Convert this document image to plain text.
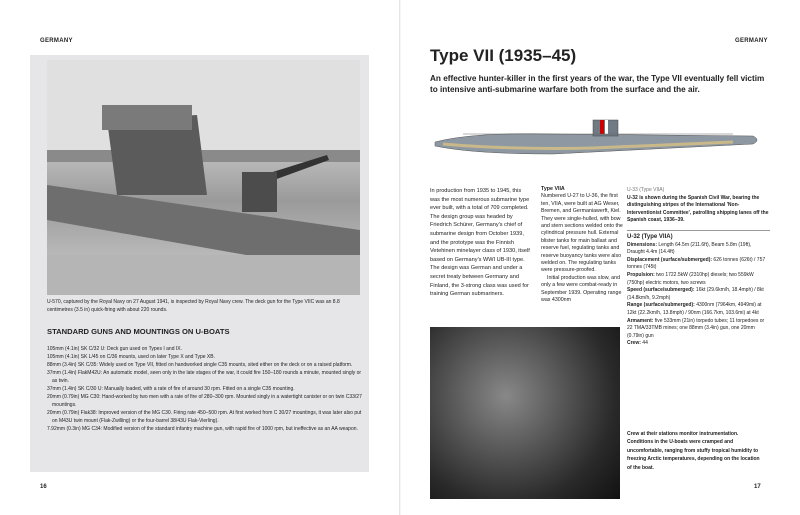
GERMANY	GERMANY
U-570, captured by the Royal Navy on 27 August 1941, is inspected by Royal Navy crew. The deck gun for the Type VIIC was an 8.8 centimetres (3.5 in) quick-firing with about 220 rounds.
STANDARD GUNS AND MOUNTINGS ON U-BOATS

105mm (4.1in) SK C/32 U: Deck gun used on Types I and IX.

105mm (4.1in) SK L/45 on C/36 mounts, used on later Type X and Type XB.

88mm (3.4in) SK C/35: Widely used on Type VII, fitted on handworked single C35 mounts, sited either on the deck or on a raised platform.

37mm (1.4in) FlakM42U: An automatic model, seen only in the late stages of the war, it could fire 150–180 rounds a minute, mounted singly or as twin.

37mm (1.4in) SK C/30 U: Manually loaded, with a rate of fire of around 30 rpm. Fitted on a single C35 mounting.

20mm (0.79in) MG C30: Hand-worked by two men with a rate of fire of 280–300 rpm. Mounted singly in a watertight canister or on twin C33/27 mountings.

20mm (0.79in) Flak38: Improved version of the MG C30. Firing rate 450–500 rpm. At first worked from C 30/27 mountings, it was later also put on M43U twin mount (Flak-Zwilling) or the four-barrel 38/43U Flak-Vierling).

7.92mm (0.3in) MG C34: Modified version of the standard infantry machine gun, with rapid fire of 1000 rpm, but ineffective as an AA weapon.

16
Type VII (1935–45)
An effective hunter-killer in the first years of the war, the Type VII eventually fell victim to intensive anti-submarine warfare both from the surface and the air.
In production from 1935 to 1945, this was the most numerous submarine type ever built, with a total of 709 completed. The design group was headed by Friedrich Schürer, Germany's chief of submarine design from October 1939, and the prototype was the Finnish Vetehinen minelayer class of 1930, itself based on Germany's WWI UB-III type. The design was German and under a secret treaty between Germany and Finland, the 3-strong class was used for training German submariners.
Type VIIA
Numbered U-27 to U-36, the first ten, VIIA, were built at AG Weser, Bremen, and Germaniawerft, Kiel. They were single-hulled, with bow and stern sections welded onto the cylindrical pressure hull. External blister tanks for main ballast and reserve fuel, regulating tanks and reserve buoyancy tanks were also welded on. The regulating tanks were pressure-proofed.
Initial production was slow, and only a few were combat-ready in September 1939. Operating range was 4300nm
U-33 (Type VIIA)
U-32 is shown during the Spanish Civil War, bearing the distinguishing stripes of the International 'Non-Interventionist Committee', patrolling shipping lanes off the Spanish coast, 1936–39.
U-32 (Type VIIA)
Dimensions: Length 64.5m (211.6ft), Beam 5.8m (19ft), Draught 4.4m (14.4ft)
Displacement (surface/submerged): 626 tonnes (626t) / 757 tonnes (745t)
Propulsion: two 1722.5kW (2310hp) diesels; two 559kW (750hp) electric motors, two screws
Speed (surface/submerged): 16kt (29.6km/h, 18.4mph) / 8kt (14.8km/h, 9.2mph)
Range (surface/submerged): 4300nm (7964km, 4949mi) at 12kt (22.2km/h, 13.8mph) / 90nm (166.7km, 103.6mi) at 4kt
Armament: five 533mm (21in) torpedo tubes; 11 torpedoes or 22 TMA/33TMB mines; one 88mm (3.4in) gun, one 20mm (0.79in) gun
Crew: 44
Crew at their stations monitor instrumentation. Conditions in the U-boats were cramped and uncomfortable, ranging from stuffy tropical humidity to freezing Arctic temperatures, depending on the location of the boat.
17
